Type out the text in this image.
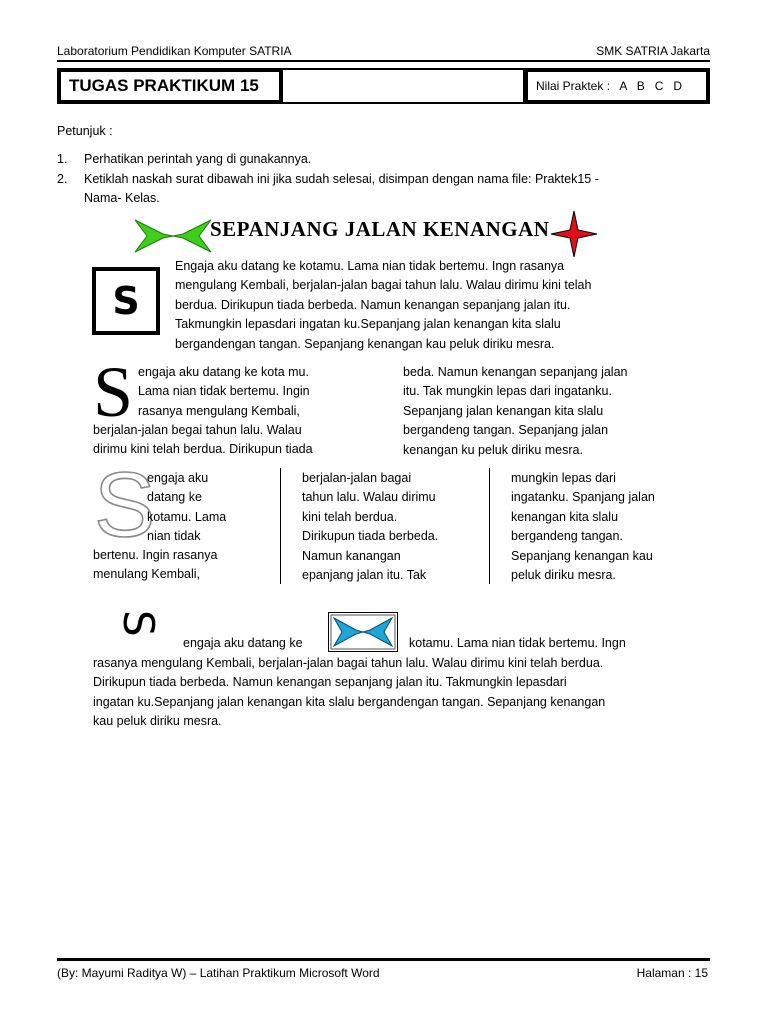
Laboratorium Pendidikan Komputer SATRIA	SMK SATRIA Jakarta
TUGAS PRAKTIKUM 15	Nilai Praktek : A   B   C   D
Petunjuk :
1. Perhatikan perintah yang di gunakannya.
2. Ketiklah naskah surat dibawah ini jika sudah selesai, disimpan dengan nama file: Praktek15 -
Nama- Kelas.
SEPANJANG JALAN KENANGAN
S
Engaja aku datang ke kotamu. Lama nian tidak bertemu. Ingn rasanya
mengulang Kembali, berjalan-jalan bagai tahun lalu. Walau dirimu kini telah
berdua. Dirikupun tiada berbeda. Namun kenangan sepanjang jalan itu.
Takmungkin lepasdari ingatan ku.Sepanjang jalan kenangan kita slalu
bergandengan tangan. Sepanjang kenangan kau peluk diriku mesra.
S engaja aku datang ke kota mu.
Lama nian tidak bertemu. Ingin
rasanya mengulang Kembali,
berjalan-jalan begai tahun lalu. Walau
dirimu kini telah berdua. Dirikupun tiada
beda. Namun kenangan sepanjang jalan
itu. Tak mungkin lepas dari ingatanku.
Sepanjang jalan kenangan kita slalu
bergandeng tangan. Sepanjang jalan
kenangan ku peluk diriku mesra.
S
engaja aku
datang ke
kotamu. Lama
nian tidak
bertenu. Ingin rasanya
menulang Kembali,
berjalan-jalan bagai
tahun lalu. Walau dirimu
kini telah berdua.
Dirikupun tiada berbeda.
Namun kanangan
epanjang jalan itu. Tak
mungkin lepas dari
ingatanku. Spanjang jalan
kenangan kita slalu
bergandeng tangan.
Sepanjang kenangan kau
peluk diriku mesra.
S
engaja aku datang ke	kotamu. Lama nian tidak bertemu. Ingn
rasanya mengulang Kembali, berjalan-jalan bagai tahun lalu. Walau dirimu kini telah berdua.
Dirikupun tiada berbeda. Namun kenangan sepanjang jalan itu. Takmungkin lepasdari
ingatan ku.Sepanjang jalan kenangan kita slalu bergandengan tangan. Sepanjang kenangan
kau peluk diriku mesra.
(By: Mayumi Raditya W) – Latihan Praktikum Microsoft Word	Halaman : 15
